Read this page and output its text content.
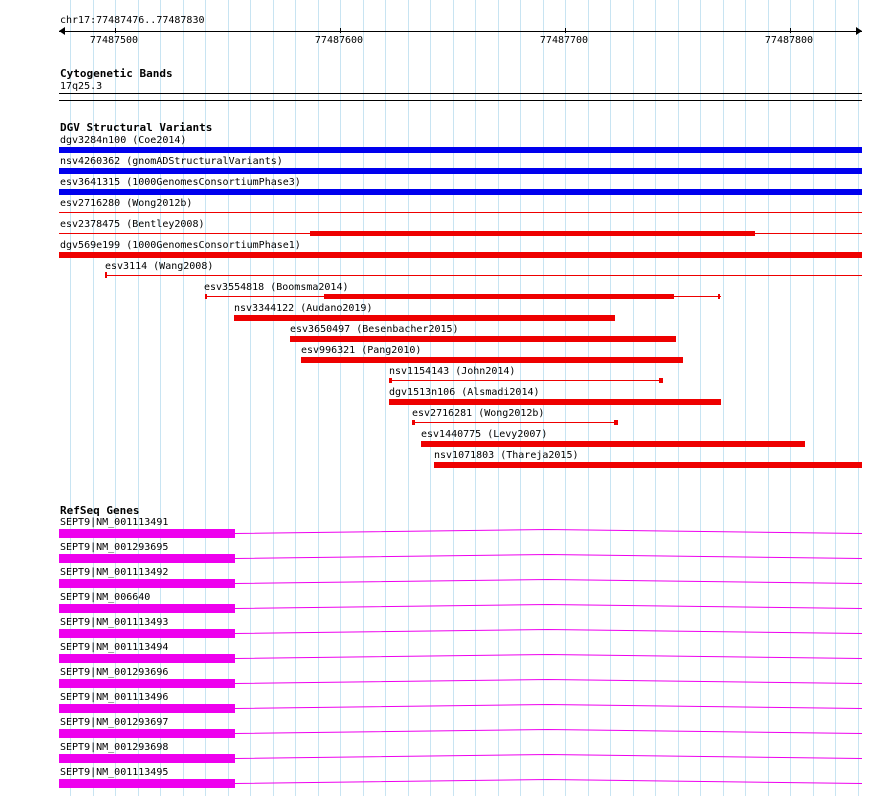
chr17:77487476..77487830
77487500	77487600	77487700	77487800
Cytogenetic Bands
17q25.3
DGV Structural Variants
dgv3284n100 (Coe2014)
nsv4260362 (gnomADStructuralVariants)
esv3641315 (1000GenomesConsortiumPhase3)
esv2716280 (Wong2012b)
esv2378475 (Bentley2008)
dgv569e199 (1000GenomesConsortiumPhase1)
esv3114 (Wang2008)
esv3554818 (Boomsma2014)
nsv3344122 (Audano2019)
esv3650497 (Besenbacher2015)
esv996321 (Pang2010)
nsv1154143 (John2014)
dgv1513n106 (Alsmadi2014)
esv2716281 (Wong2012b)
esv1440775 (Levy2007)
nsv1071803 (Thareja2015)
RefSeq Genes
SEPT9|NM_001113491
SEPT9|NM_001293695
SEPT9|NM_001113492
SEPT9|NM_006640
SEPT9|NM_001113493
SEPT9|NM_001113494
SEPT9|NM_001293696
SEPT9|NM_001113496
SEPT9|NM_001293697
SEPT9|NM_001293698
SEPT9|NM_001113495
